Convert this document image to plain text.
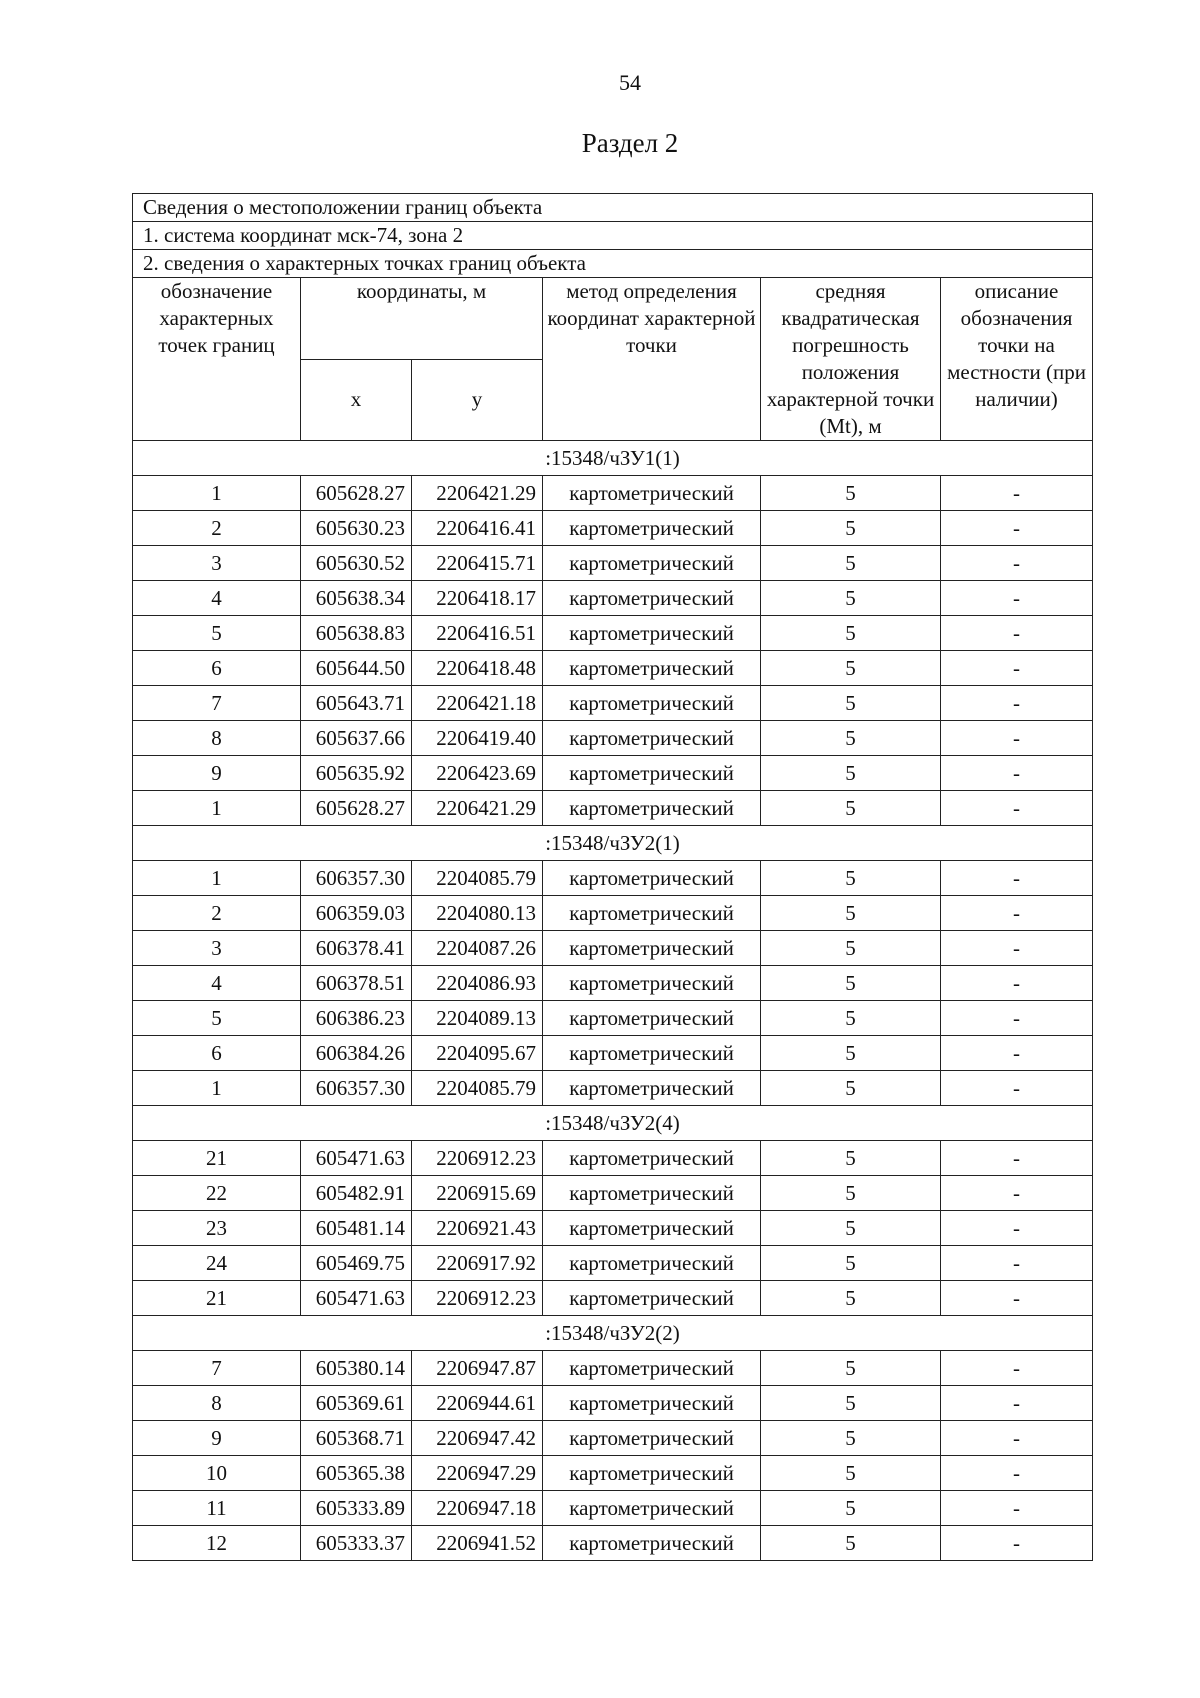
54
Раздел 2
Сведения о местоположении границ объекта					
1. система координат мск-74, зона 2					
2. сведения о характерных точках границ объекта					
обозначение характерных точек границ	координаты, м		метод определения координат характерной точки	средняя квадратическая погрешность положения характерной точки (Mt), м	описание обозначения точки на местности (при наличии)
	x	y			
:15348/чЗУ1(1)					
1	605628.27	2206421.29	картометрический	5	-
2	605630.23	2206416.41	картометрический	5	-
3	605630.52	2206415.71	картометрический	5	-
4	605638.34	2206418.17	картометрический	5	-
5	605638.83	2206416.51	картометрический	5	-
6	605644.50	2206418.48	картометрический	5	-
7	605643.71	2206421.18	картометрический	5	-
8	605637.66	2206419.40	картометрический	5	-
9	605635.92	2206423.69	картометрический	5	-
1	605628.27	2206421.29	картометрический	5	-
:15348/чЗУ2(1)					
1	606357.30	2204085.79	картометрический	5	-
2	606359.03	2204080.13	картометрический	5	-
3	606378.41	2204087.26	картометрический	5	-
4	606378.51	2204086.93	картометрический	5	-
5	606386.23	2204089.13	картометрический	5	-
6	606384.26	2204095.67	картометрический	5	-
1	606357.30	2204085.79	картометрический	5	-
:15348/чЗУ2(4)					
21	605471.63	2206912.23	картометрический	5	-
22	605482.91	2206915.69	картометрический	5	-
23	605481.14	2206921.43	картометрический	5	-
24	605469.75	2206917.92	картометрический	5	-
21	605471.63	2206912.23	картометрический	5	-
:15348/чЗУ2(2)					
7	605380.14	2206947.87	картометрический	5	-
8	605369.61	2206944.61	картометрический	5	-
9	605368.71	2206947.42	картометрический	5	-
10	605365.38	2206947.29	картометрический	5	-
11	605333.89	2206947.18	картометрический	5	-
12	605333.37	2206941.52	картометрический	5	-
